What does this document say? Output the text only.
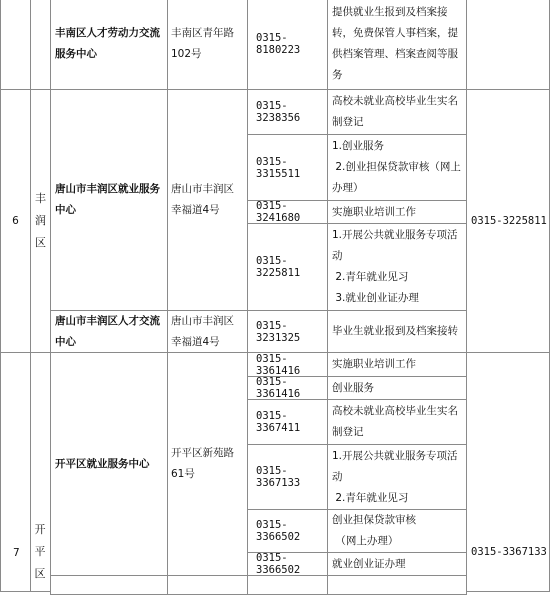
丰南区人才劳动力交流服务中心
丰南区青年路102号
0315-8180223
提供就业生报到及档案接转，免费保管人事档案，提供档案管理、档案查阅等服务
6
丰润区
唐山市丰润区就业服务中心
唐山市丰润区幸福道4号
0315-3238356
高校未就业高校毕业生实名制登记
0315-3315511
1.创业服务
2.创业担保贷款审核（网上办理）
0315-3241680
实施职业培训工作
0315-3225811
1.开展公共就业服务专项活动
2.青年就业见习
3.就业创业证办理
唐山市丰润区人才交流中心
唐山市丰润区幸福道4号
0315-3231325
毕业生就业报到及档案接转
0315-3225811
7
开平区
开平区就业服务中心
开平区新苑路61号
0315-3361416
实施职业培训工作
0315-3361416
创业服务
0315-3367411
高校未就业高校毕业生实名制登记
0315-3367133
1.开展公共就业服务专项活动
2.青年就业见习
0315-3366502
创业担保贷款审核
（网上办理）
0315-3366502
就业创业证办理
0315-3367133
